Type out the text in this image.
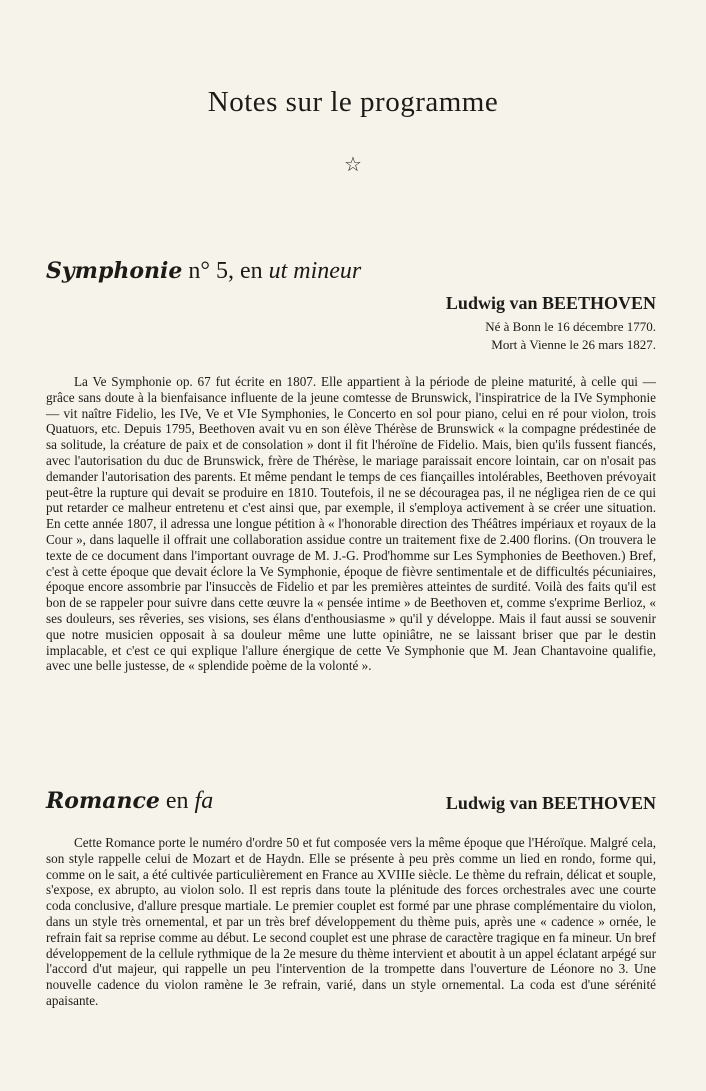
Notes sur le programme
☆
Symphonie n° 5, en ut mineur
Ludwig van BEETHOVEN
Né à Bonn le 16 décembre 1770.
Mort à Vienne le 26 mars 1827.
La Ve Symphonie op. 67 fut écrite en 1807. Elle appartient à la période de pleine maturité, à celle qui — grâce sans doute à la bienfaisance influente de la jeune comtesse de Brunswick, l'inspiratrice de la IVe Symphonie — vit naître Fidelio, les IVe, Ve et VIe Symphonies, le Concerto en sol pour piano, celui en ré pour violon, trois Quatuors, etc. Depuis 1795, Beethoven avait vu en son élève Thérèse de Brunswick « la compagne prédestinée de sa solitude, la créature de paix et de consolation » dont il fit l'héroïne de Fidelio. Mais, bien qu'ils fussent fiancés, avec l'autorisation du duc de Brunswick, frère de Thérèse, le mariage paraissait encore lointain, car on n'osait pas demander l'autorisation des parents. Et même pendant le temps de ces fiançailles intolérables, Beethoven prévoyait peut-être la rupture qui devait se produire en 1810. Toutefois, il ne se découragea pas, il ne négligea rien de ce qui put retarder ce malheur entretenu et c'est ainsi que, par exemple, il s'employa activement à se créer une situation. En cette année 1807, il adressa une longue pétition à « l'honorable direction des Théâtres impériaux et royaux de la Cour », dans laquelle il offrait une collaboration assidue contre un traitement fixe de 2.400 florins. (On trouvera le texte de ce document dans l'important ouvrage de M. J.-G. Prod'homme sur Les Symphonies de Beethoven.) Bref, c'est à cette époque que devait éclore la Ve Symphonie, époque de fièvre sentimentale et de difficultés pécuniaires, époque encore assombrie par l'insuccès de Fidelio et par les premières atteintes de surdité. Voilà des faits qu'il est bon de se rappeler pour suivre dans cette œuvre la « pensée intime » de Beethoven et, comme s'exprime Berlioz, « ses douleurs, ses rêveries, ses visions, ses élans d'enthousiasme » qu'il y développe. Mais il faut aussi se souvenir que notre musicien opposait à sa douleur même une lutte opiniâtre, ne se laissant briser que par le destin implacable, et c'est ce qui explique l'allure énergique de cette Ve Symphonie que M. Jean Chantavoine qualifie, avec une belle justesse, de « splendide poème de la volonté ».
Romance en fa	Ludwig van BEETHOVEN
Cette Romance porte le numéro d'ordre 50 et fut composée vers la même époque que l'Héroïque. Malgré cela, son style rappelle celui de Mozart et de Haydn. Elle se présente à peu près comme un lied en rondo, forme qui, comme on le sait, a été cultivée particulièrement en France au XVIIIe siècle. Le thème du refrain, délicat et souple, s'expose, ex abrupto, au violon solo. Il est repris dans toute la plénitude des forces orchestrales avec une courte coda conclusive, d'allure presque martiale. Le premier couplet est formé par une phrase complémentaire du violon, dans un style très ornemental, et par un très bref développement du thème puis, après une « cadence » ornée, le refrain fait sa reprise comme au début. Le second couplet est une phrase de caractère tragique en fa mineur. Un bref développement de la cellule rythmique de la 2e mesure du thème intervient et aboutit à un appel éclatant arpégé sur l'accord d'ut majeur, qui rappelle un peu l'intervention de la trompette dans l'ouverture de Léonore no 3. Une nouvelle cadence du violon ramène le 3e refrain, varié, dans un style ornemental. La coda est d'une sérénité apaisante.
